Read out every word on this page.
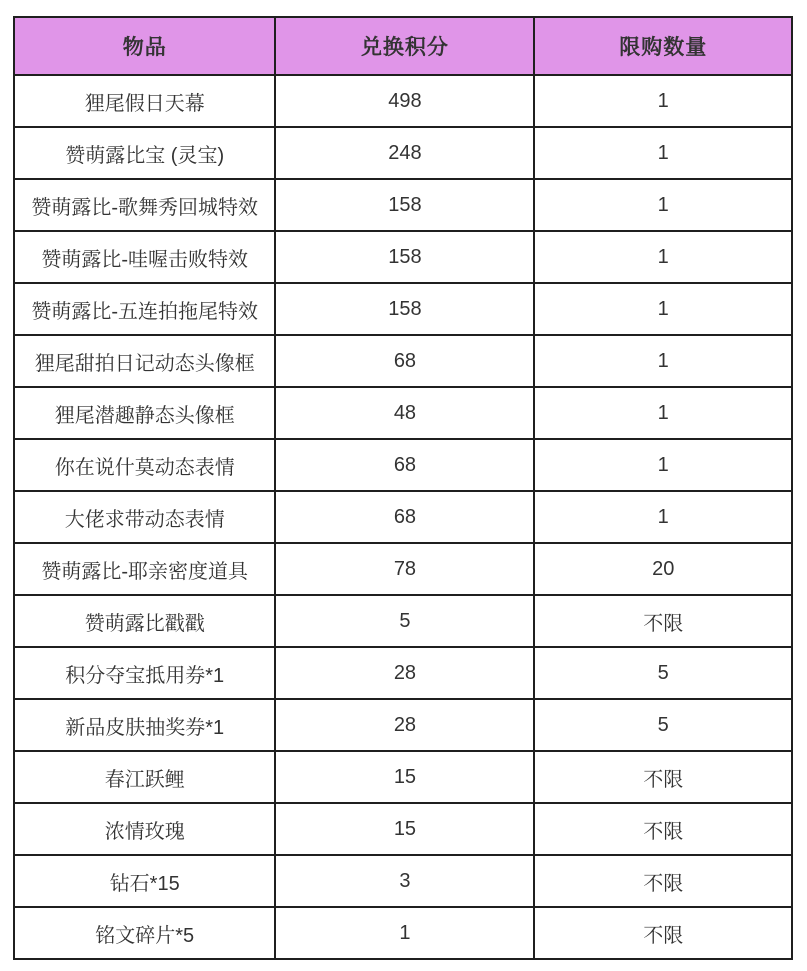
物品	兑换积分	限购数量
狸尾假日天幕	498	1
赞萌露比宝 (灵宝)	248	1
赞萌露比-歌舞秀回城特效	158	1
赞萌露比-哇喔击败特效	158	1
赞萌露比-五连拍拖尾特效	158	1
狸尾甜拍日记动态头像框	68	1
狸尾潜趣静态头像框	48	1
你在说什莫动态表情	68	1
大佬求带动态表情	68	1
赞萌露比-耶亲密度道具	78	20
赞萌露比戳戳	5	不限
积分夺宝抵用券*1	28	5
新品皮肤抽奖券*1	28	5
春江跃鲤	15	不限
浓情玫瑰	15	不限
钻石*15	3	不限
铭文碎片*5	1	不限
